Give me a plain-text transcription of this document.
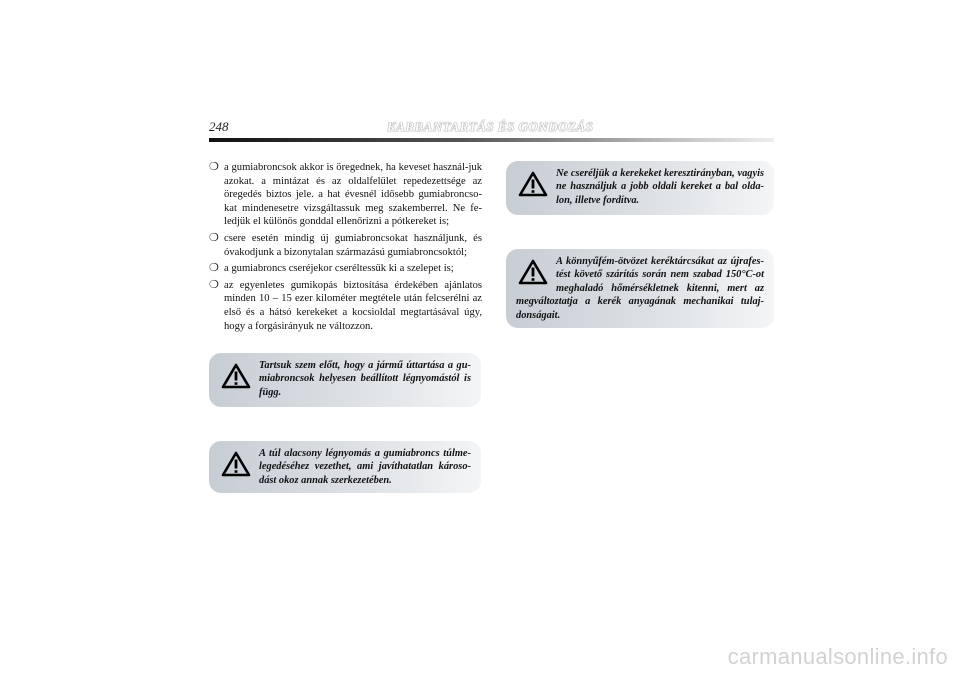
248	KARBANTARTÁS ÉS GONDOZÁS
❍ a gumiabroncsok akkor is öregednek, ha keveset használ-juk azokat. a mintázat és az oldalfelület repedezettsége az öregedés biztos jele. a hat évesnél idősebb gumiabroncso-kat mindenesetre vizsgáltassuk meg szakemberrel. Ne fe-ledjük el különös gonddal ellenőrizni a pótkereket is;
❍ csere esetén mindig új gumiabroncsokat használjunk, és óvakodjunk a bizonytalan származású gumiabroncsoktól;
❍ a gumiabroncs cseréjekor cseréltessük ki a szelepet is;
❍ az egyenletes gumikopás biztosítása érdekében ajánlatos minden 10 – 15 ezer kilométer megtétele után felcserélni az első és a hátsó kerekeket a kocsioldal megtartásával úgy, hogy a forgásirányuk ne változzon.
Tartsuk szem előtt, hogy a jármű úttartása a gu-miabroncsok helyesen beállított légnyomástól is függ.
A túl alacsony légnyomás a gumiabroncs túlme-legedéséhez vezethet, ami javíthatatlan károso-dást okoz annak szerkezetében.
Ne cseréljük a kerekeket keresztirányban, vagyis ne használjuk a jobb oldali kereket a bal olda-lon, illetve fordítva.
A könnyűfém-ötvözet keréktárcsákat az újrafes-tést követő szárítás során nem szabad 150°C-ot meghaladó hőmérsékletnek kitenni, mert az megváltoztatja a kerék anyagának mechanikai tulaj-donságait.
carmanualsonline.info
